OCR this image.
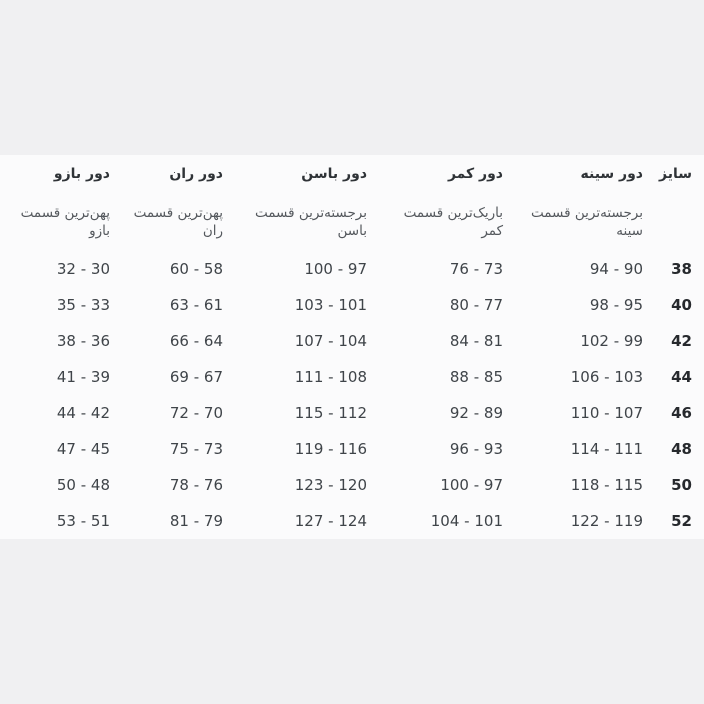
سایز	دور سینه	دور کمر	دور باسن	دور ران	دور بازو
	برجسته‌ترین قسمت سینه	باریک‌ترین قسمت کمر	برجسته‌ترین قسمت باسن	پهن‌ترین قسمت ران	پهن‌ترین قسمت بازو
38	90 - 94	73 - 76	97 - 100	58 - 60	30 - 32
40	95 - 98	77 - 80	101 - 103	61 - 63	33 - 35
42	99 - 102	81 - 84	104 - 107	64 - 66	36 - 38
44	103 - 106	85 - 88	108 - 111	67 - 69	39 - 41
46	107 - 110	89 - 92	112 - 115	70 - 72	42 - 44
48	111 - 114	93 - 96	116 - 119	73 - 75	45 - 47
50	115 - 118	97 - 100	120 - 123	76 - 78	48 - 50
52	119 - 122	101 - 104	124 - 127	79 - 81	51 - 53
